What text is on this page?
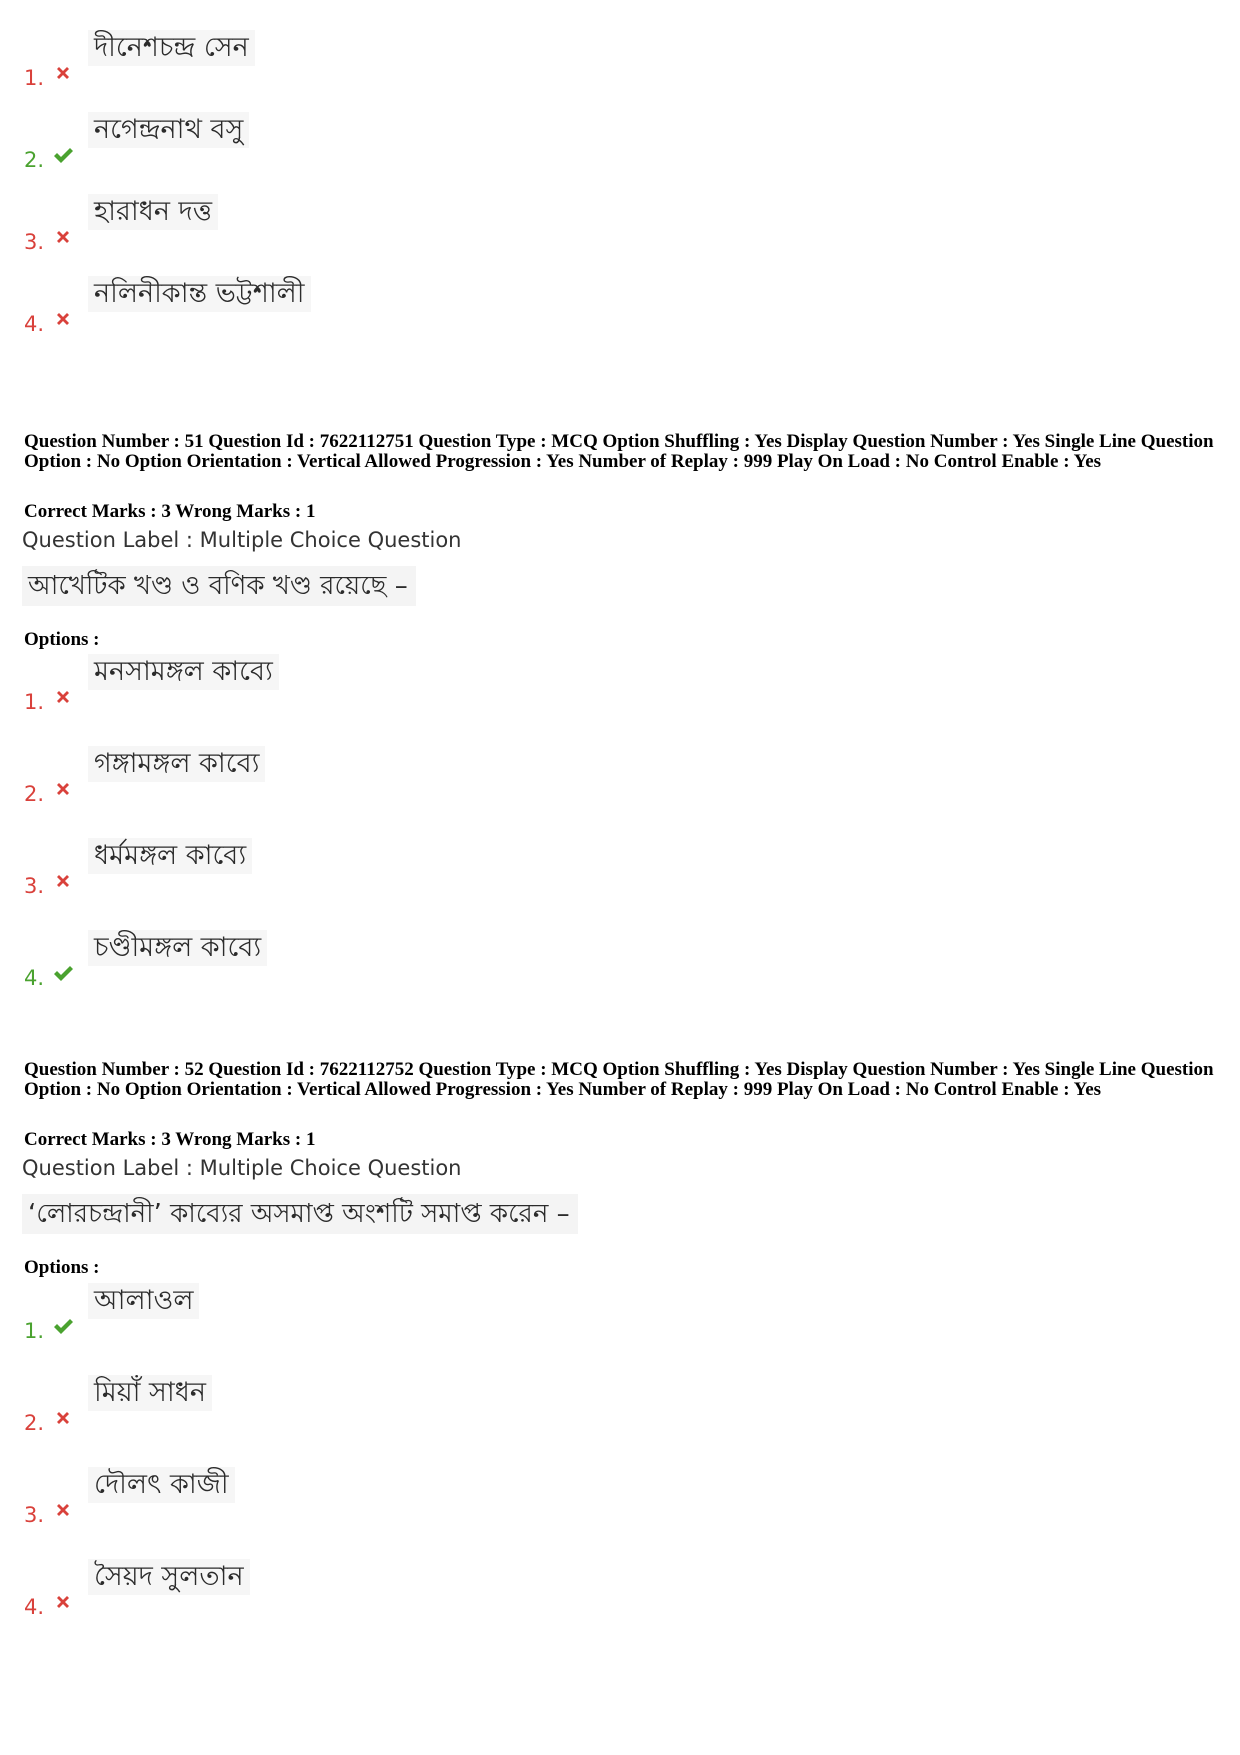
1.
দীনেশচন্দ্র সেন
2.
নগেন্দ্রনাথ বসু
3.
হারাধন দত্ত
4.
নলিনীকান্ত ভট্টশালী
Question Number : 51 Question Id : 7622112751 Question Type : MCQ Option Shuffling : Yes Display Question Number : Yes Single Line Question Option : No Option Orientation : Vertical Allowed Progression : Yes Number of Replay : 999 Play On Load : No Control Enable : Yes
Correct Marks : 3 Wrong Marks : 1
Question Label : Multiple Choice Question
আখেটিক খণ্ড ও বণিক খণ্ড রয়েছে –
Options :
1.
মনসামঙ্গল কাব্যে
2.
গঙ্গামঙ্গল কাব্যে
3.
ধর্মমঙ্গল কাব্যে
4.
চণ্ডীমঙ্গল কাব্যে
Question Number : 52 Question Id : 7622112752 Question Type : MCQ Option Shuffling : Yes Display Question Number : Yes Single Line Question Option : No Option Orientation : Vertical Allowed Progression : Yes Number of Replay : 999 Play On Load : No Control Enable : Yes
Correct Marks : 3 Wrong Marks : 1
Question Label : Multiple Choice Question
‘লোরচন্দ্রানী’ কাব্যের অসমাপ্ত অংশটি সমাপ্ত করেন –
Options :
1.
আলাওল
2.
মিয়াঁ সাধন
3.
দৌলৎ কাজী
4.
সৈয়দ সুলতান
